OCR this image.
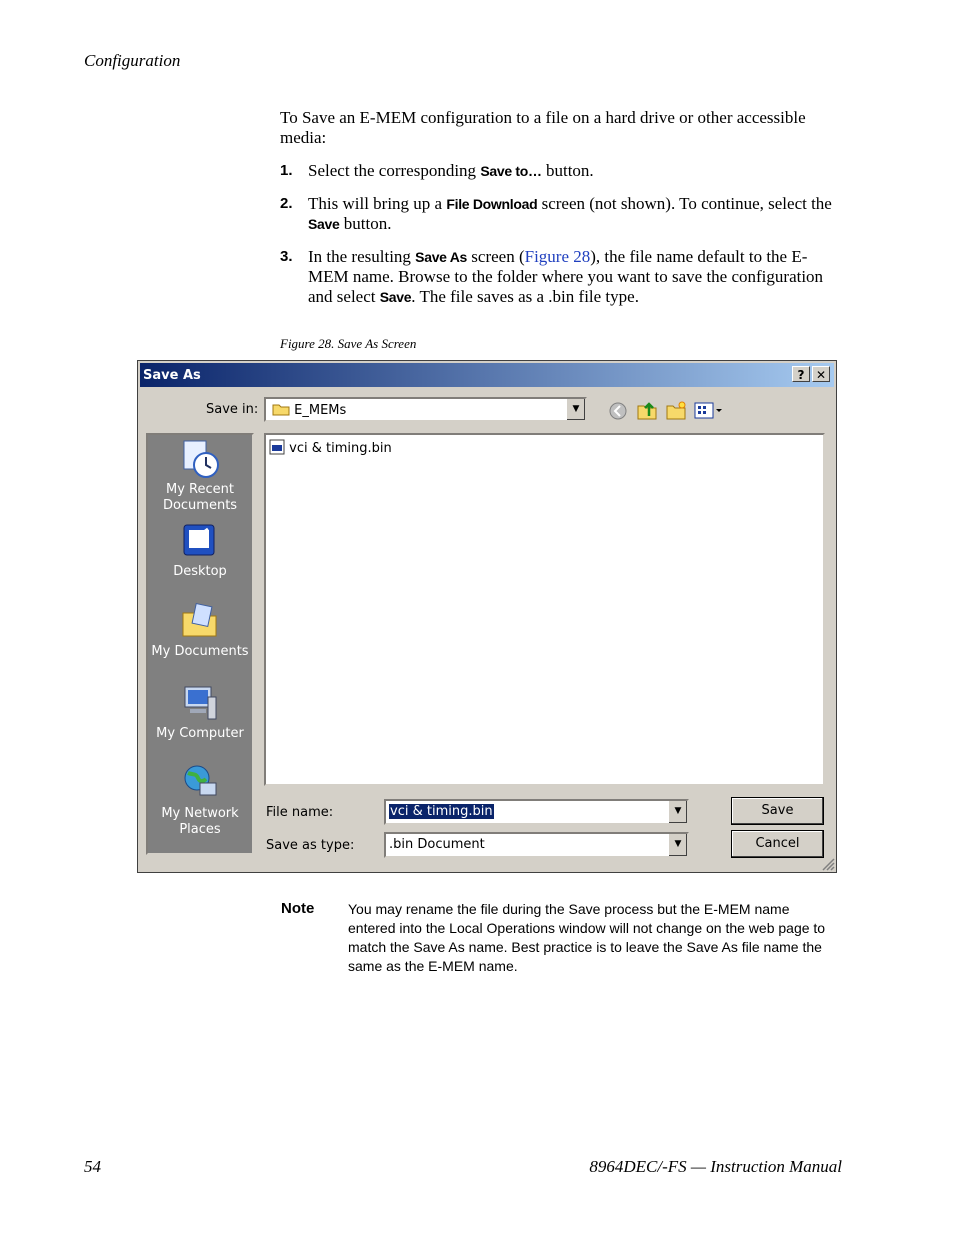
Configuration
To Save an E-MEM configuration to a file on a hard drive or other accessible media:
1. Select the corresponding Save to… button.
2. This will bring up a File Download screen (not shown). To continue, select the Save button.
3. In the resulting Save As screen (Figure 28), the file name default to the E-MEM name. Browse to the folder where you want to save the configuration and select Save. The file saves as a .bin file type.
Figure 28. Save As Screen
Save As	? ✕
Save in:	E_MEMs	▼
My Recent Documents
Desktop
My Documents
My Computer
My Network Places
vci & timing.bin
File name:	vci & timing.bin	▼
Save as type:	.bin Document	▼
Save
Cancel
Note You may rename the file during the Save process but the E-MEM name entered into the Local Operations window will not change on the web page to match the Save As name. Best practice is to leave the Save As file name the same as the E-MEM name.
54	8964DEC/-FS — Instruction Manual
